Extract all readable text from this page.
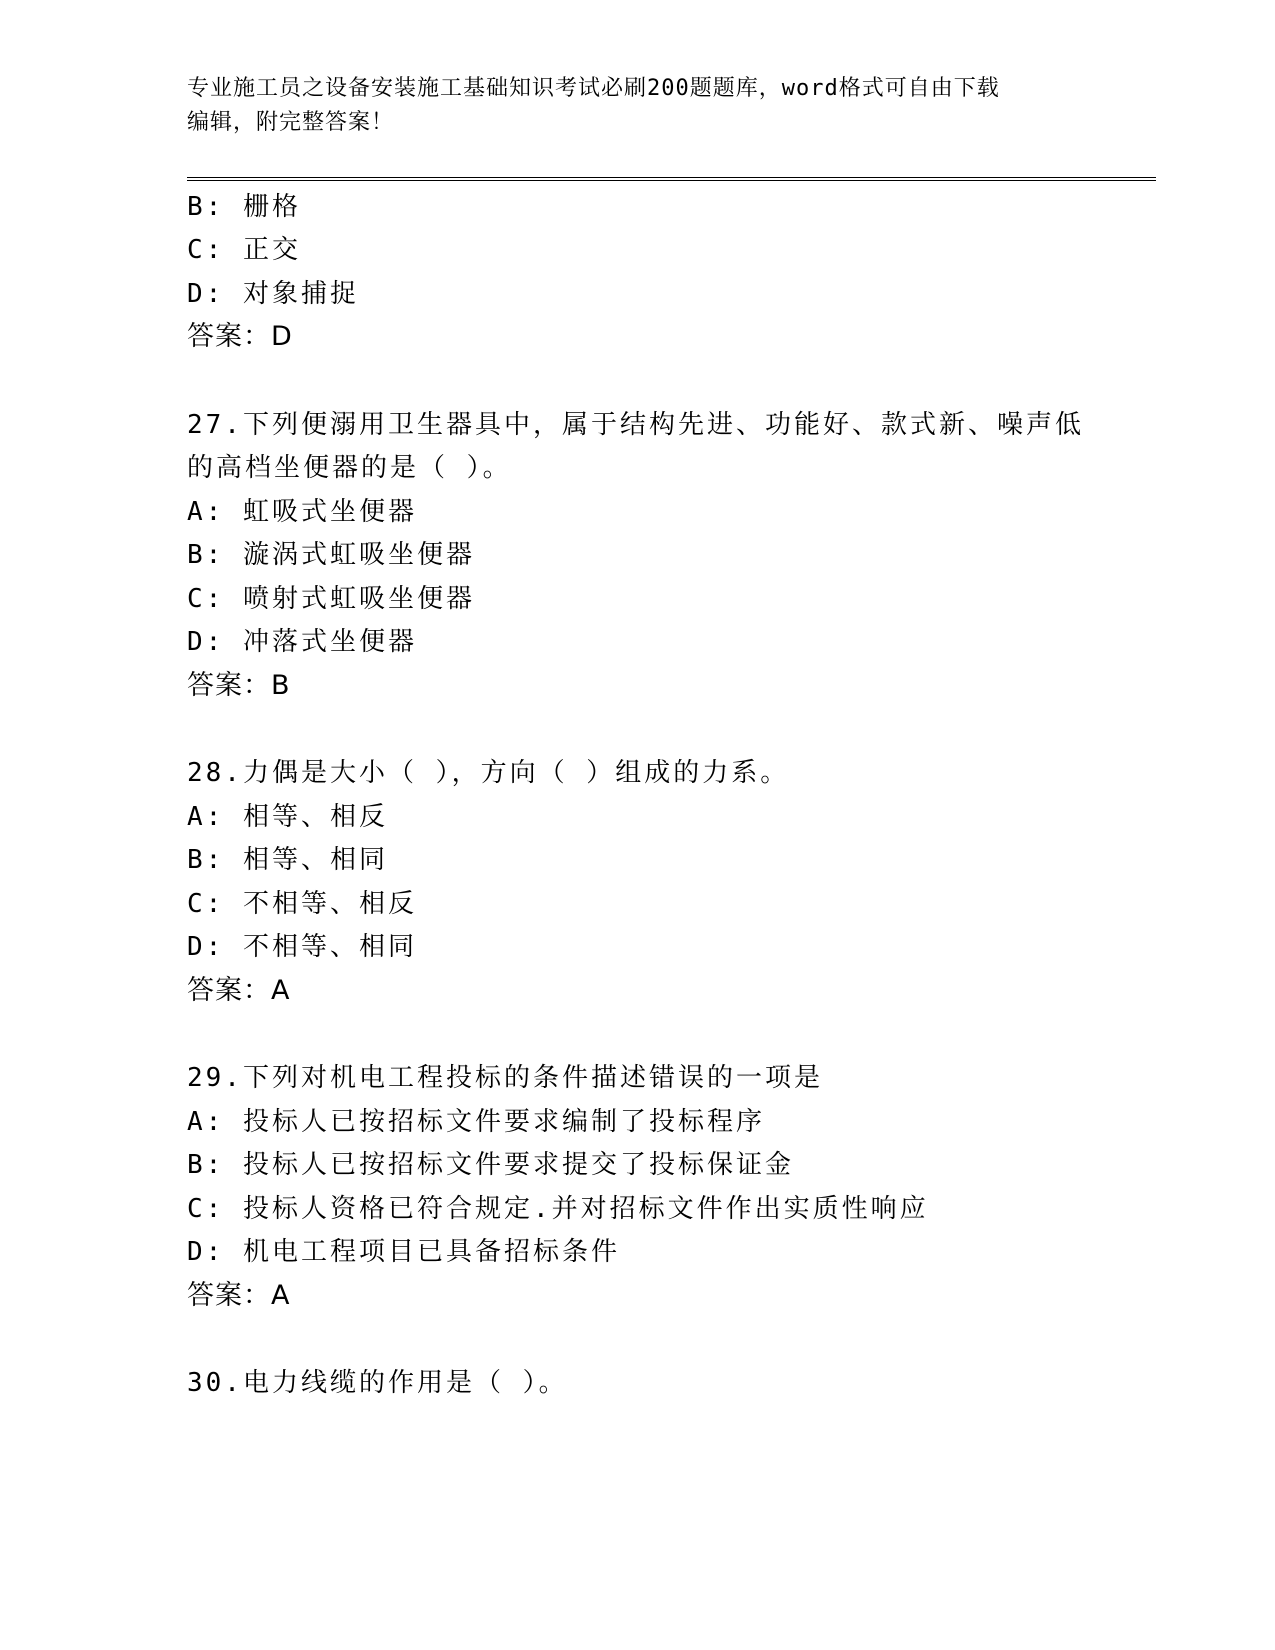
专业施工员之设备安装施工基础知识考试必刷200题题库，word格式可自由下载
编辑，附完整答案！
B: 栅格
C: 正交
D: 对象捕捉
答案：D
27.下列便溺用卫生器具中，属于结构先进、功能好、款式新、噪声低
的高档坐便器的是（ ）。
A: 虹吸式坐便器
B: 漩涡式虹吸坐便器
C: 喷射式虹吸坐便器
D: 冲落式坐便器
答案：B
28.力偶是大小（ ），方向（ ）组成的力系。
A: 相等、相反
B: 相等、相同
C: 不相等、相反
D: 不相等、相同
答案：A
29.下列对机电工程投标的条件描述错误的一项是
A: 投标人已按招标文件要求编制了投标程序
B: 投标人已按招标文件要求提交了投标保证金
C: 投标人资格已符合规定.并对招标文件作出实质性响应
D: 机电工程项目已具备招标条件
答案：A
30.电力线缆的作用是（ ）。
